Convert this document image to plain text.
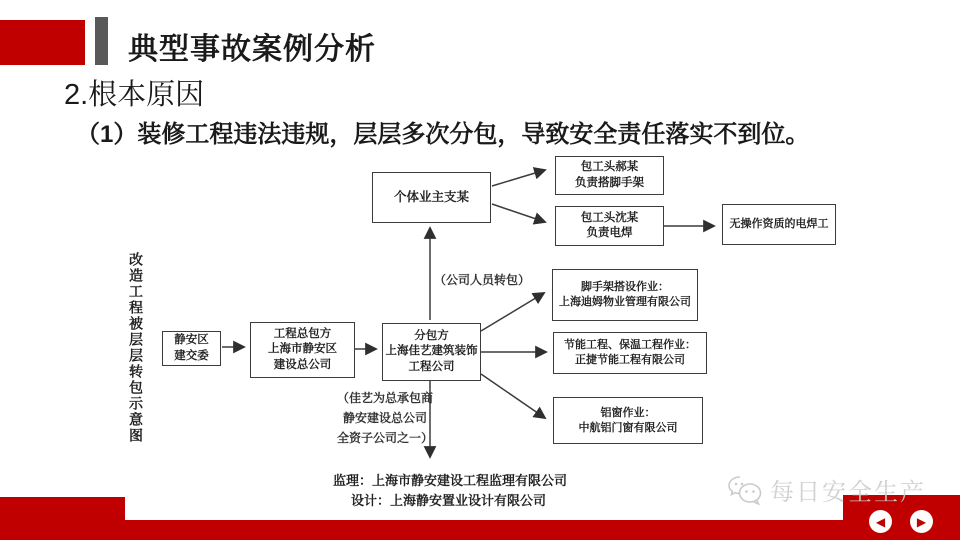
典型事故案例分析
2.根本原因
（1）装修工程违法违规，层层多次分包，导致安全责任落实不到位。
改造工程被层层转包示意图	静安区
建交委
工程总包方
上海市静安区
建设总公司
分包方
上海佳艺建筑装饰
工程公司
个体业主支某
包工头郝某
负责搭脚手架
包工头沈某
负责电焊
无操作资质的电焊工
脚手架搭设作业：
上海迪姆物业管理有限公司
节能工程、保温工程作业：
正捷节能工程有限公司
铝窗作业：
中航铝门窗有限公司
（公司人员转包）
（佳艺为总承包商
静安建设总公司
全资子公司之一）
监理：上海市静安建设工程监理有限公司
设计：上海静安置业设计有限公司	每日安全生产
◀	▶
